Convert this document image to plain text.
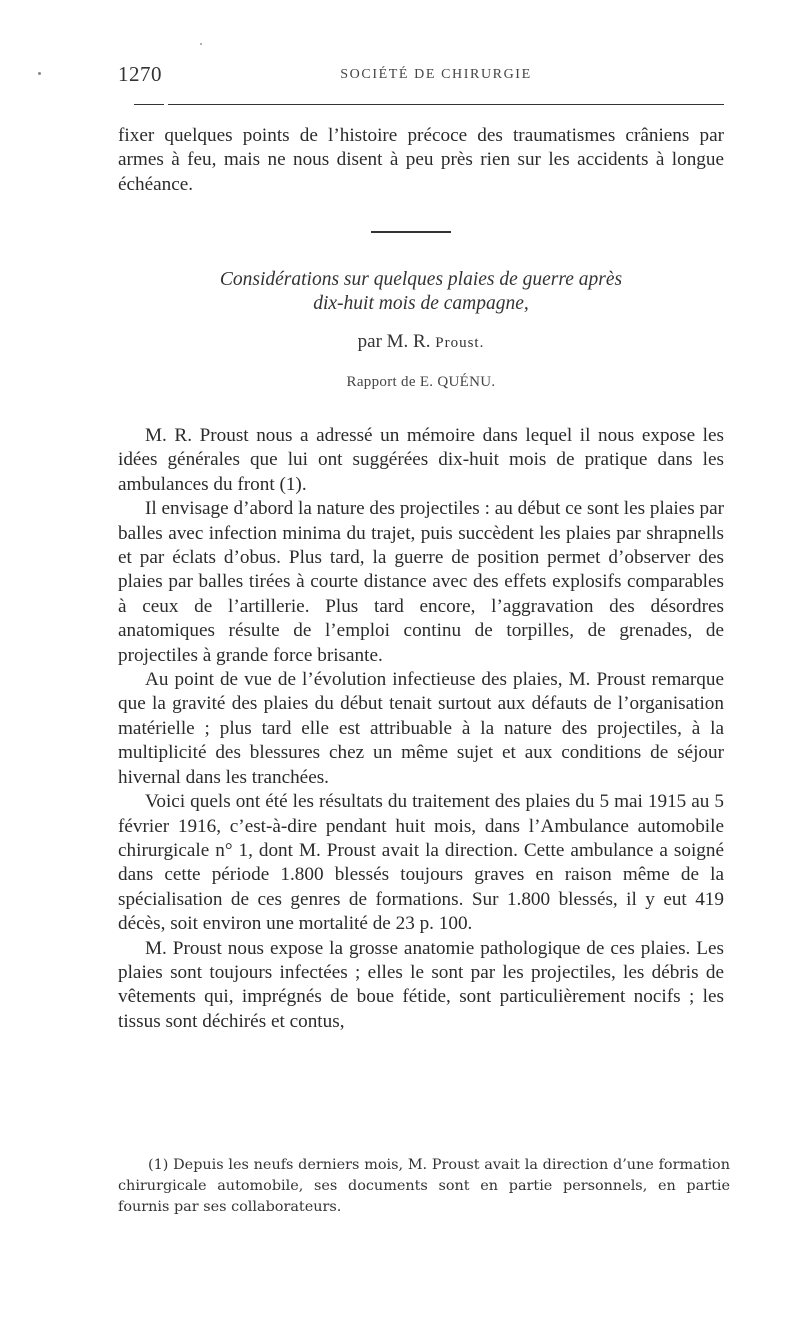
1270	SOCIÉTÉ DE CHIRURGIE

fixer quelques points de l’histoire précoce des traumatismes crâniens par armes à feu, mais ne nous disent à peu près rien sur les accidents à longue échéance.

Considérations sur quelques plaies de guerre après
dix-huit mois de campagne,
par M. R. Proust.
Rapport de E. QUÉNU.

M. R. Proust nous a adressé un mémoire dans lequel il nous expose les idées générales que lui ont suggérées dix-huit mois de pratique dans les ambulances du front (1).

Il envisage d’abord la nature des projectiles : au début ce sont les plaies par balles avec infection minima du trajet, puis succèdent les plaies par shrapnells et par éclats d’obus. Plus tard, la guerre de position permet d’observer des plaies par balles tirées à courte distance avec des effets explosifs comparables à ceux de l’artillerie. Plus tard encore, l’aggravation des désordres anatomiques résulte de l’emploi continu de torpilles, de grenades, de projectiles à grande force brisante.

Au point de vue de l’évolution infectieuse des plaies, M. Proust remarque que la gravité des plaies du début tenait surtout aux défauts de l’organisation matérielle ; plus tard elle est attribuable à la nature des projectiles, à la multiplicité des blessures chez un même sujet et aux conditions de séjour hivernal dans les tranchées.

Voici quels ont été les résultats du traitement des plaies du 5 mai 1915 au 5 février 1916, c’est-à-dire pendant huit mois, dans l’Ambulance automobile chirurgicale n° 1, dont M. Proust avait la direction. Cette ambulance a soigné dans cette période 1.800 blessés toujours graves en raison même de la spécialisation de ces genres de formations. Sur 1.800 blessés, il y eut 419 décès, soit environ une mortalité de 23 p. 100.

M. Proust nous expose la grosse anatomie pathologique de ces plaies. Les plaies sont toujours infectées ; elles le sont par les projectiles, les débris de vêtements qui, imprégnés de boue fétide, sont particulièrement nocifs ; les tissus sont déchirés et contus,

(1) Depuis les neufs derniers mois, M. Proust avait la direction d’une formation chirurgicale automobile, ses documents sont en partie personnels, en partie fournis par ses collaborateurs.
